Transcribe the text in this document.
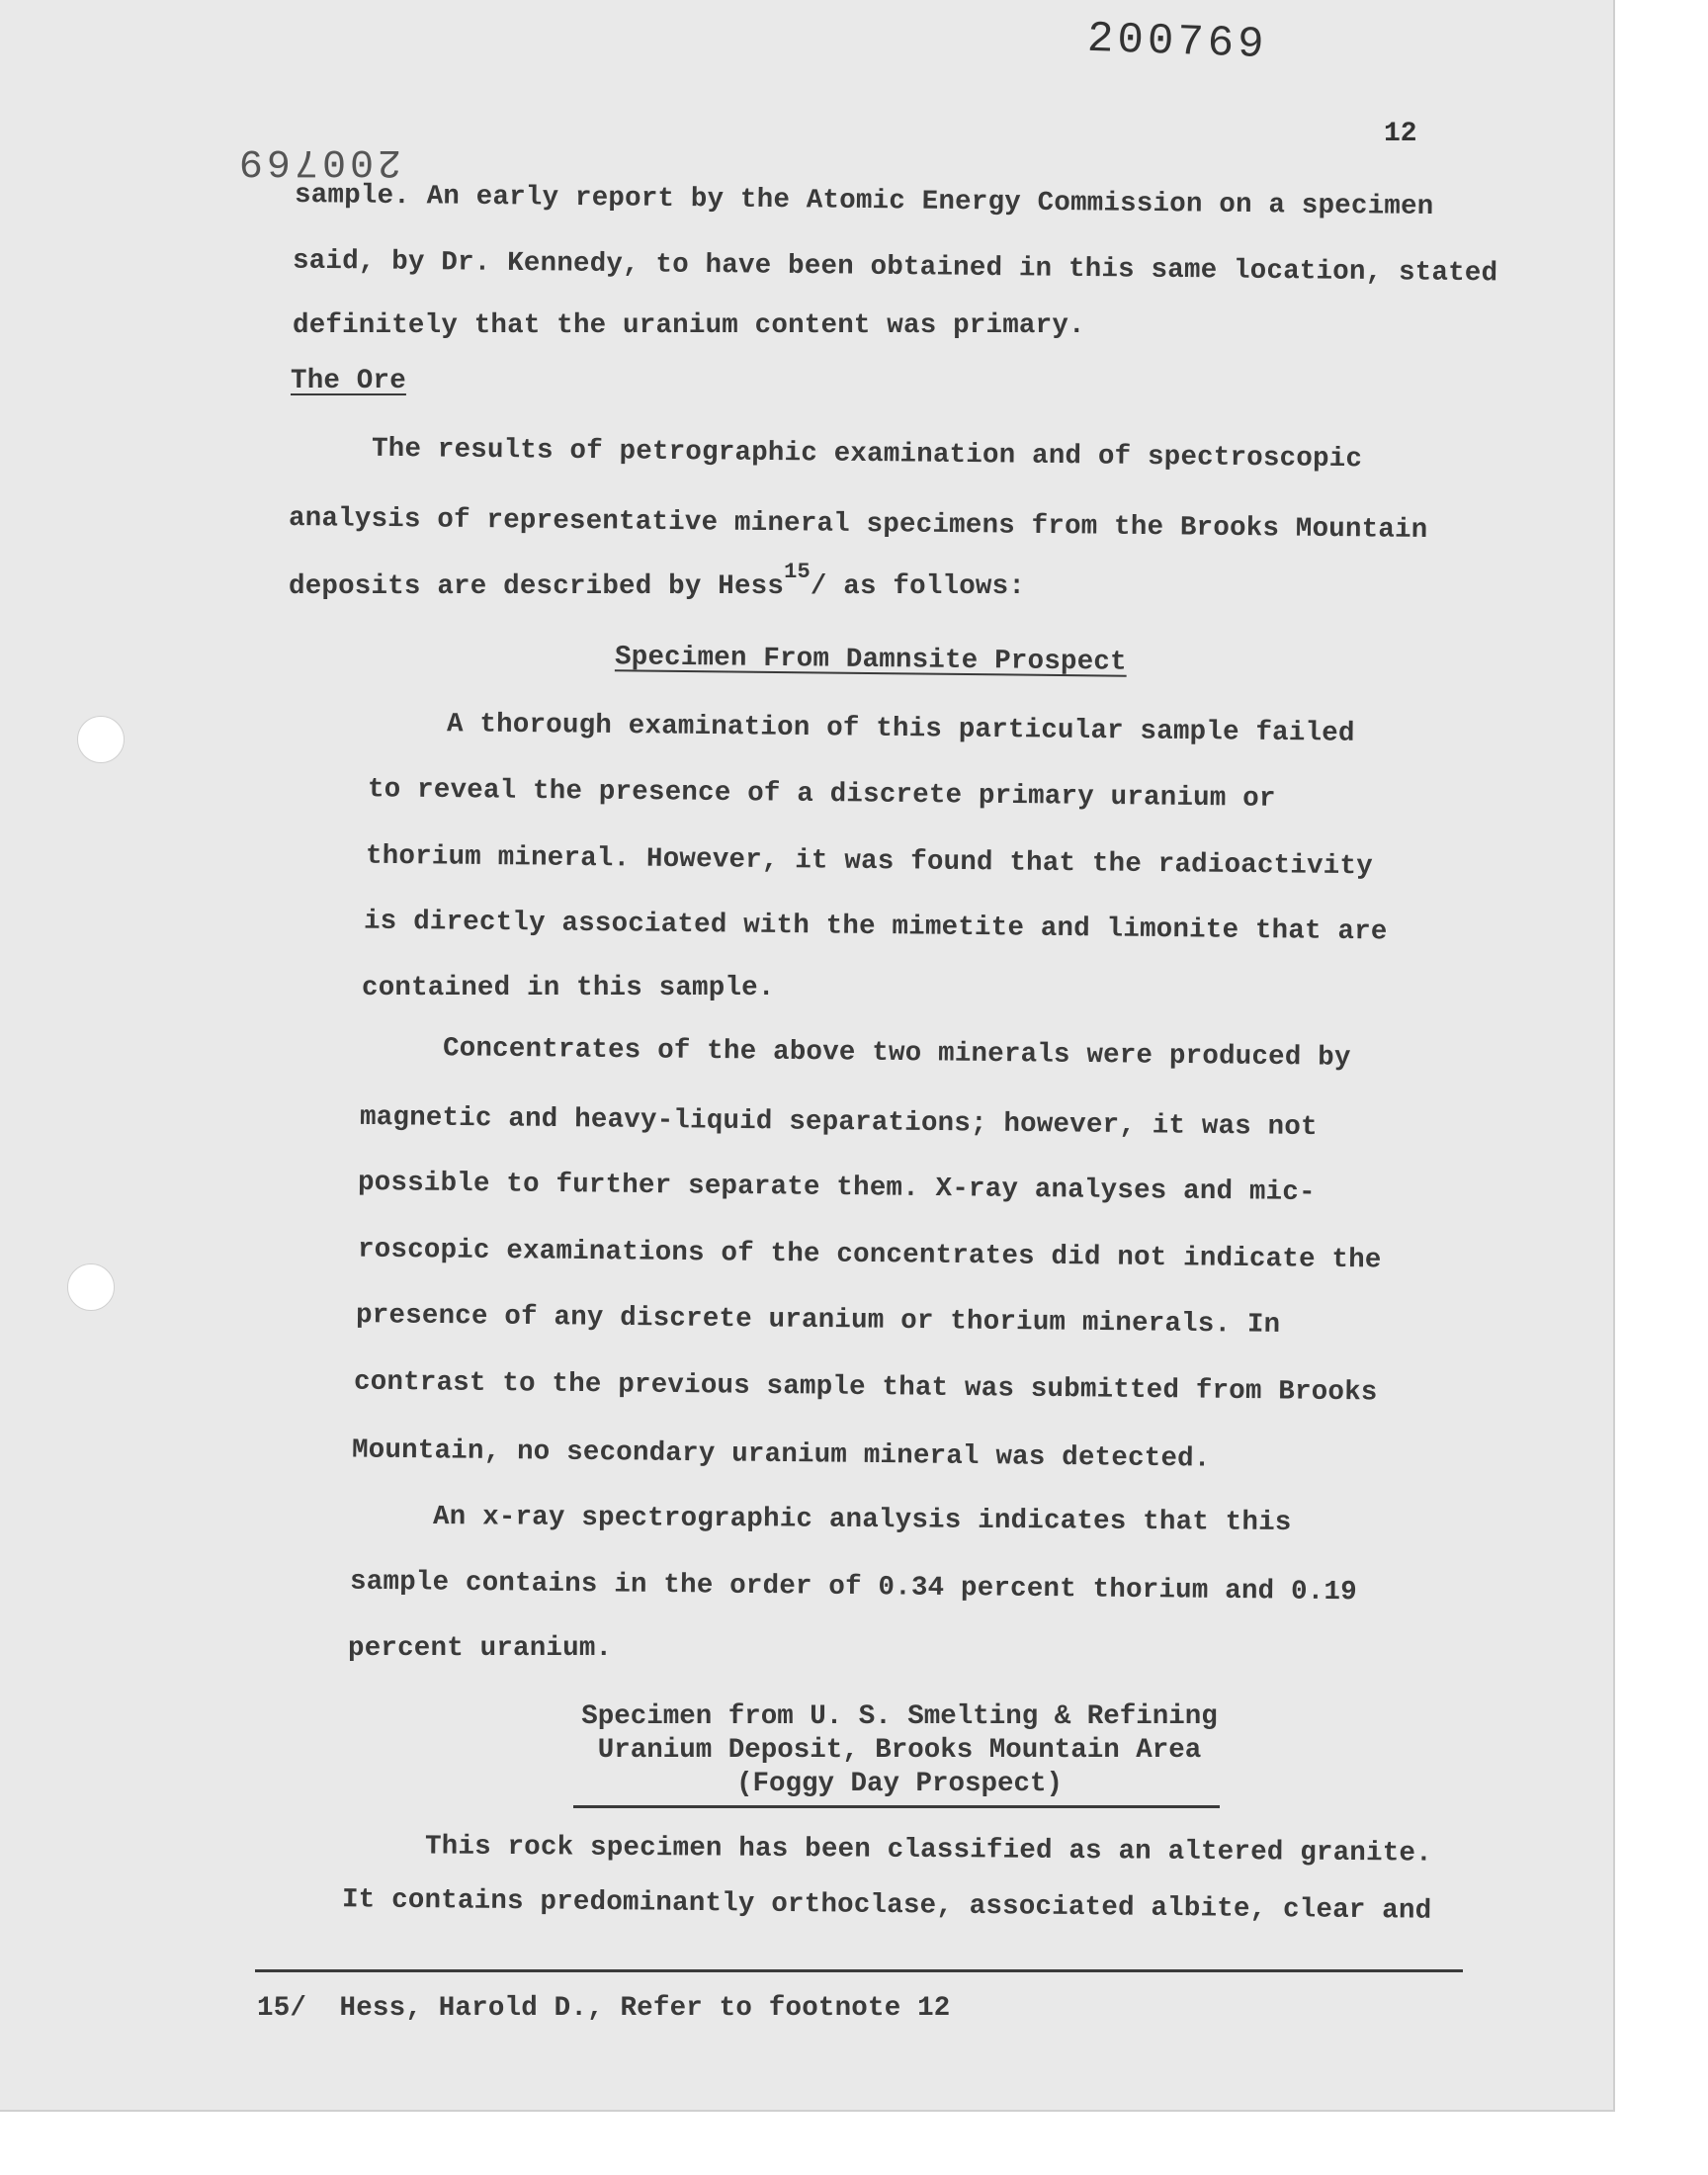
200769
200769
12
sample. An early report by the Atomic Energy Commission on a specimen
said, by Dr. Kennedy, to have been obtained in this same location, stated
definitely that the uranium content was primary.
The Ore
The results of petrographic examination and of spectroscopic
analysis of representative mineral specimens from the Brooks Mountain
deposits are described by Hess$^{15}$/ as follows:
Specimen From Damnsite Prospect
A thorough examination of this particular sample failed
to reveal the presence of a discrete primary uranium or
thorium mineral. However, it was found that the radioactivity
is directly associated with the mimetite and limonite that are
contained in this sample.
Concentrates of the above two minerals were produced by
magnetic and heavy-liquid separations; however, it was not
possible to further separate them. X-ray analyses and mic-
roscopic examinations of the concentrates did not indicate the
presence of any discrete uranium or thorium minerals. In
contrast to the previous sample that was submitted from Brooks
Mountain, no secondary uranium mineral was detected.
An x-ray spectrographic analysis indicates that this
sample contains in the order of 0.34 percent thorium and 0.19
percent uranium.
Specimen from U. S. Smelting & Refining
Uranium Deposit, Brooks Mountain Area
(Foggy Day Prospect)
This rock specimen has been classified as an altered granite.
It contains predominantly orthoclase, associated albite, clear and
15/ Hess, Harold D., Refer to footnote 12
